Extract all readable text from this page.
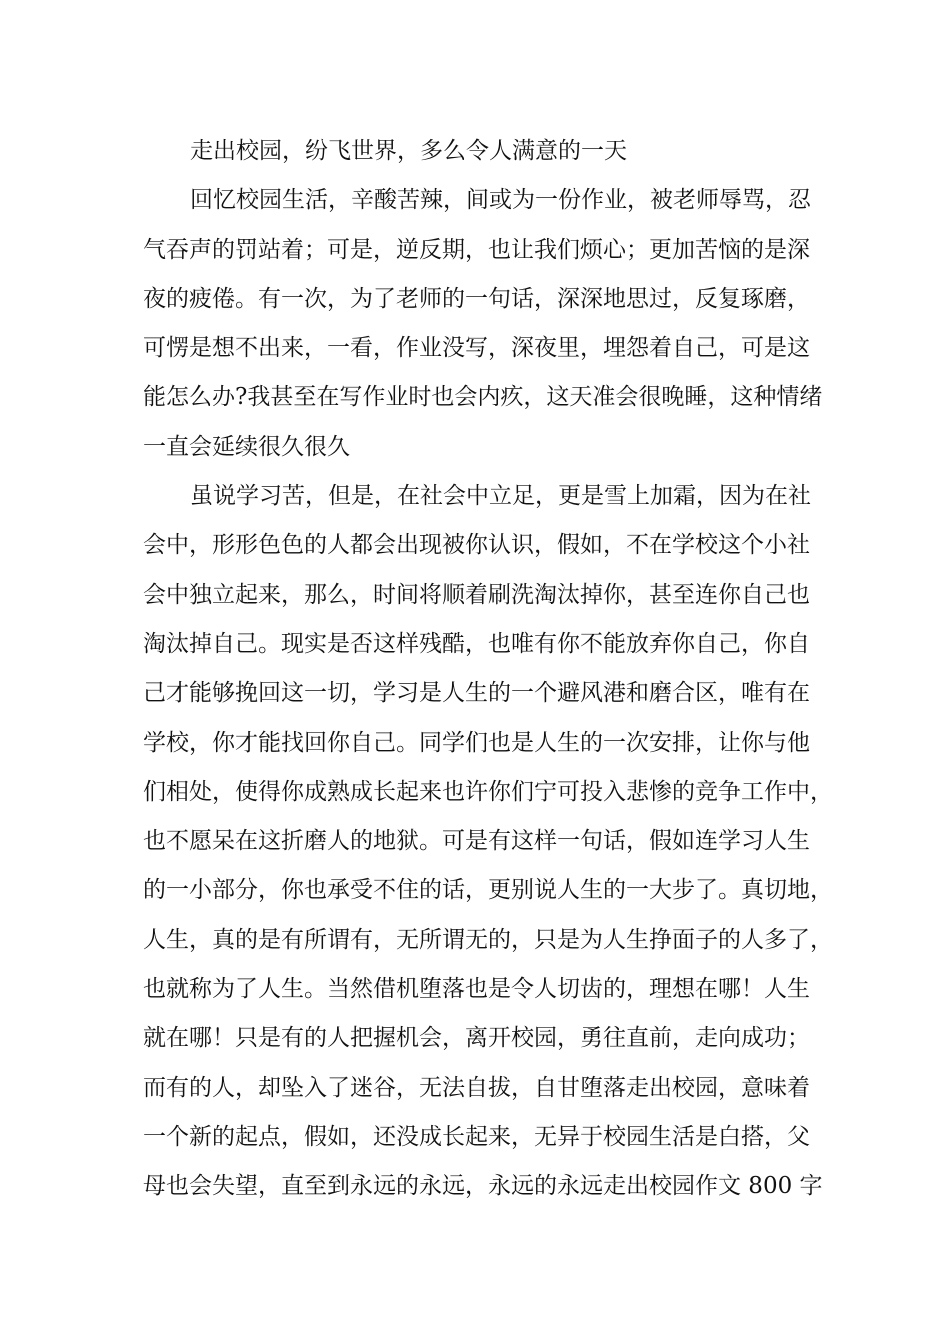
走出校园，纷飞世界，多么令人满意的一天
回忆校园生活，辛酸苦辣，间或为一份作业，被老师辱骂，忍
气吞声的罚站着；可是，逆反期，也让我们烦心；更加苦恼的是深
夜的疲倦。有一次，为了老师的一句话，深深地思过，反复琢磨，
可愣是想不出来，一看，作业没写，深夜里，埋怨着自己，可是这
能怎么办?我甚至在写作业时也会内疚，这天准会很晚睡，这种情绪
一直会延续很久很久
虽说学习苦，但是，在社会中立足，更是雪上加霜，因为在社
会中，形形色色的人都会出现被你认识，假如，不在学校这个小社
会中独立起来，那么，时间将顺着刷洗淘汰掉你，甚至连你自己也
淘汰掉自己。现实是否这样残酷，也唯有你不能放弃你自己，你自
己才能够挽回这一切，学习是人生的一个避风港和磨合区，唯有在
学校，你才能找回你自己。同学们也是人生的一次安排，让你与他
们相处，使得你成熟成长起来也许你们宁可投入悲惨的竞争工作中，
也不愿呆在这折磨人的地狱。可是有这样一句话，假如连学习人生
的一小部分，你也承受不住的话，更别说人生的一大步了。真切地，
人生，真的是有所谓有，无所谓无的，只是为人生挣面子的人多了，
也就称为了人生。当然借机堕落也是令人切齿的，理想在哪！人生
就在哪！只是有的人把握机会，离开校园，勇往直前，走向成功；
而有的人，却坠入了迷谷，无法自拔，自甘堕落走出校园，意味着
一个新的起点，假如，还没成长起来，无异于校园生活是白搭，父
母也会失望，直至到永远的永远，永远的永远走出校园作文 800 字
